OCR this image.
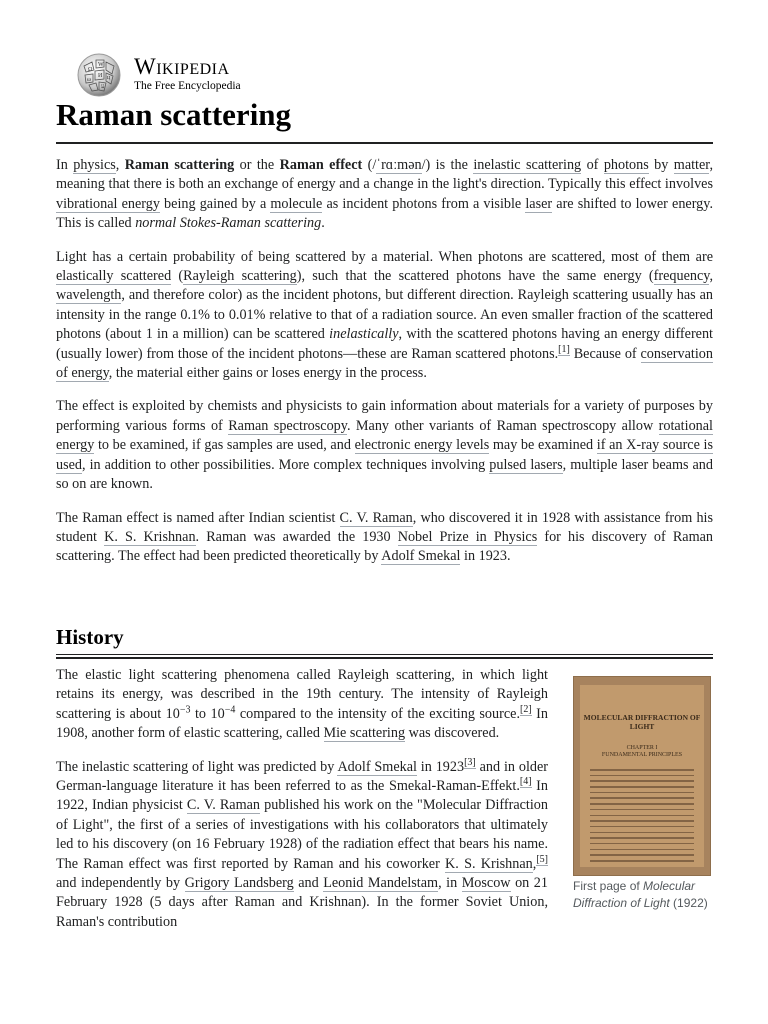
Ω
W
И
ω	ц
ע
Wikipedia
The Free Encyclopedia
Raman scattering

In physics, Raman scattering or the Raman effect (/ˈrɑːmən/) is the inelastic scattering of photons by matter, meaning that there is both an exchange of energy and a change in the light's direction. Typically this effect involves vibrational energy being gained by a molecule as incident photons from a visible laser are shifted to lower energy. This is called normal Stokes-Raman scattering.

Light has a certain probability of being scattered by a material. When photons are scattered, most of them are elastically scattered (Rayleigh scattering), such that the scattered photons have the same energy (frequency, wavelength, and therefore color) as the incident photons, but different direction. Rayleigh scattering usually has an intensity in the range 0.1% to 0.01% relative to that of a radiation source. An even smaller fraction of the scattered photons (about 1 in a million) can be scattered inelastically, with the scattered photons having an energy different (usually lower) from those of the incident photons—these are Raman scattered photons.[1] Because of conservation of energy, the material either gains or loses energy in the process.

The effect is exploited by chemists and physicists to gain information about materials for a variety of purposes by performing various forms of Raman spectroscopy. Many other variants of Raman spectroscopy allow rotational energy to be examined, if gas samples are used, and electronic energy levels may be examined if an X-ray source is used, in addition to other possibilities. More complex techniques involving pulsed lasers, multiple laser beams and so on are known.

The Raman effect is named after Indian scientist C. V. Raman, who discovered it in 1928 with assistance from his student K. S. Krishnan. Raman was awarded the 1930 Nobel Prize in Physics for his discovery of Raman scattering. The effect had been predicted theoretically by Adolf Smekal in 1923.

History

The elastic light scattering phenomena called Rayleigh scattering, in which light retains its energy, was described in the 19th century. The intensity of Rayleigh scattering is about $10^{-3}$ to $10^{-4}$ compared to the intensity of the exciting source.[2] In 1908, another form of elastic scattering, called Mie scattering was discovered.

The inelastic scattering of light was predicted by Adolf Smekal in 1923[3] and in older German-language literature it has been referred to as the Smekal-Raman-Effekt.[4] In 1922, Indian physicist C. V. Raman published his work on the "Molecular Diffraction of Light", the first of a series of investigations with his collaborators that ultimately led to his discovery (on 16 February 1928) of the radiation effect that bears his name. The Raman effect was first reported by Raman and his coworker K. S. Krishnan,[5] and independently by Grigory Landsberg and Leonid Mandelstam, in Moscow on 21 February 1928 (5 days after Raman and Krishnan). In the former Soviet Union, Raman's contribution

MOLECULAR DIFFRACTION OF LIGHT
CHAPTER I
FUNDAMENTAL PRINCIPLES
First page of Molecular Diffraction of Light (1922)
